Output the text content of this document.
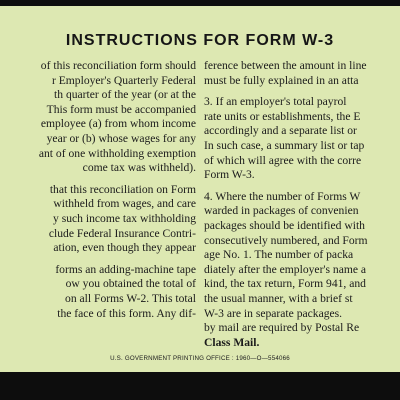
INSTRUCTIONS FOR FORM W-3
of this reconciliation form should
r Employer's Quarterly Federal
th quarter of the year (or at the
This form must be accompanied
employee (a) from whom income
year or (b) whose wages for any
ant of one withholding exemption
come tax was withheld).
that this reconciliation on Form
withheld from wages, and care
y such income tax withholding
clude Federal Insurance Contri-
ation, even though they appear
forms an adding-machine tape
ow you obtained the total of
on all Forms W-2. This total
the face of this form. Any dif-
ference between the amount in line
must be fully explained in an atta
3. If an employer's total payrol
rate units or establishments, the E
accordingly and a separate list or
In such case, a summary list or tap
of which will agree with the corre
Form W-3.
4. Where the number of Forms W
warded in packages of convenien
packages should be identified with
consecutively numbered, and Form
age No. 1. The number of packa
diately after the employer's name a
kind, the tax return, Form 941, and
the usual manner, with a brief st
W-3 are in separate packages.
by mail are required by Postal Re
Class Mail.
U.S. GOVERNMENT PRINTING OFFICE : 1960—O—554066
